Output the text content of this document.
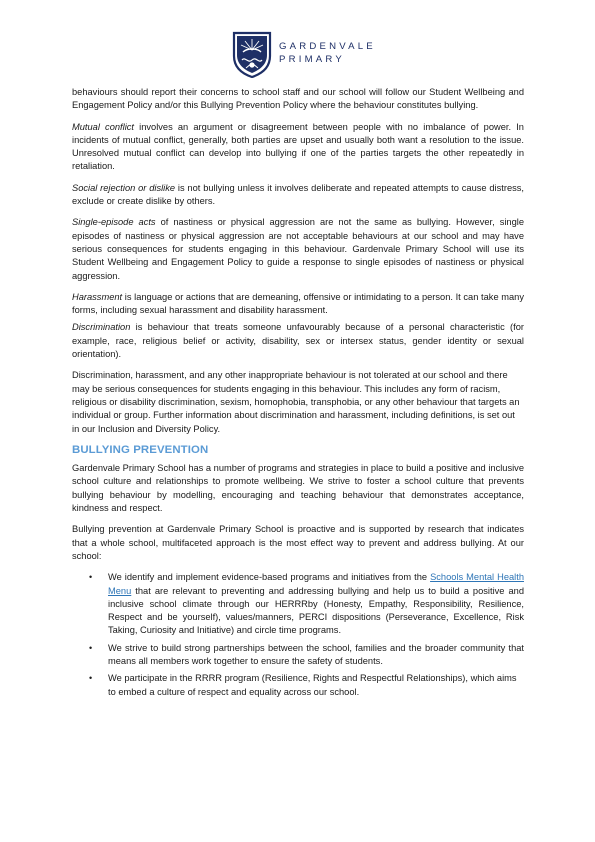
GARDENVALE
PRIMARY

behaviours should report their concerns to school staff and our school will follow our Student Wellbeing and Engagement Policy and/or this Bullying Prevention Policy where the behaviour constitutes bullying.

Mutual conflict involves an argument or disagreement between people with no imbalance of power. In incidents of mutual conflict, generally, both parties are upset and usually both want a resolution to the issue. Unresolved mutual conflict can develop into bullying if one of the parties targets the other repeatedly in retaliation.

Social rejection or dislike is not bullying unless it involves deliberate and repeated attempts to cause distress, exclude or create dislike by others.

Single-episode acts of nastiness or physical aggression are not the same as bullying. However, single episodes of nastiness or physical aggression are not acceptable behaviours at our school and may have serious consequences for students engaging in this behaviour. Gardenvale Primary School will use its Student Wellbeing and Engagement Policy to guide a response to single episodes of nastiness or physical aggression.

Harassment is language or actions that are demeaning, offensive or intimidating to a person. It can take many forms, including sexual harassment and disability harassment.

Discrimination is behaviour that treats someone unfavourably because of a personal characteristic (for example, race, religious belief or activity, disability, sex or intersex status, gender identity or sexual orientation).

Discrimination, harassment, and any other inappropriate behaviour is not tolerated at our school and there may be serious consequences for students engaging in this behaviour. This includes any form of racism, religious or disability discrimination, sexism, homophobia, transphobia, or any other behaviour that targets an individual or group. Further information about discrimination and harassment, including definitions, is set out in our Inclusion and Diversity Policy.

BULLYING PREVENTION

Gardenvale Primary School has a number of programs and strategies in place to build a positive and inclusive school culture and relationships to promote wellbeing. We strive to foster a school culture that prevents bullying behaviour by modelling, encouraging and teaching behaviour that demonstrates acceptance, kindness and respect.

Bullying prevention at Gardenvale Primary School is proactive and is supported by research that indicates that a whole school, multifaceted approach is the most effect way to prevent and address bullying. At our school:

• We identify and implement evidence-based programs and initiatives from the Schools Mental Health Menu that are relevant to preventing and addressing bullying and help us to build a positive and inclusive school climate through our HERRRby (Honesty, Empathy, Responsibility, Resilience, Respect and be yourself), values/manners, PERCI dispositions (Perseverance, Excellence, Risk Taking, Curiosity and Initiative) and circle time programs.
• We strive to build strong partnerships between the school, families and the broader community that means all members work together to ensure the safety of students.
• We participate in the RRRR program (Resilience, Rights and Respectful Relationships), which aims to embed a culture of respect and equality across our school.
